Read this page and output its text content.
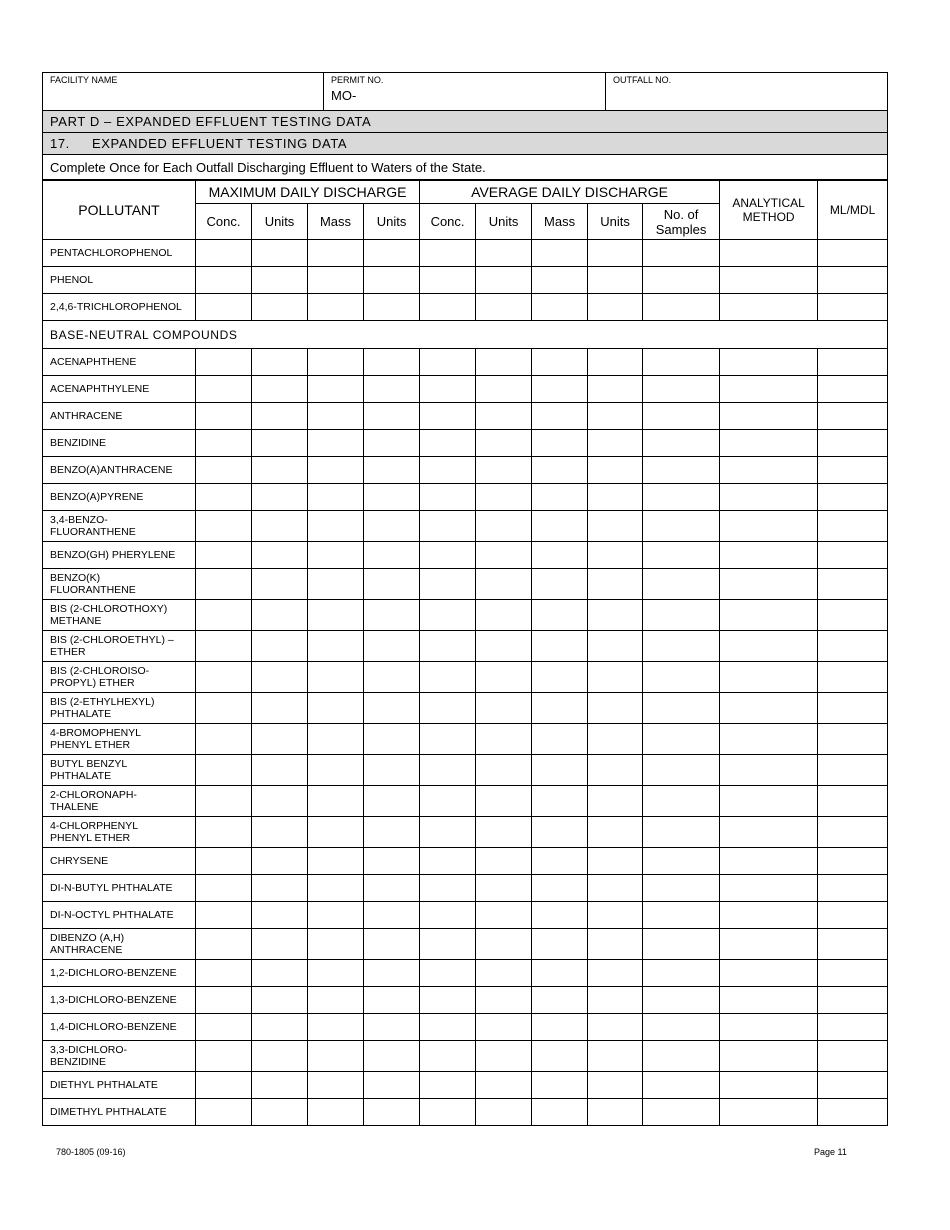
FACILITY NAME	PERMIT NO.
MO-

OUTFALL NO.

PART D – EXPANDED EFFLUENT TESTING DATA
17. EXPANDED EFFLUENT TESTING DATA
Complete Once for Each Outfall Discharging Effluent to Waters of the State.
POLLUTANT	MAXIMUM DAILY DISCHARGE				AVERAGE DAILY DISCHARGE					ANALYTICAL METHOD	ML/MDL
	Conc.	Units	Mass	Units	Conc.	Units	Mass	Units	No. of Samples		
PENTACHLOROPHENOL											
PHENOL											
2,4,6-TRICHLOROPHENOL											
BASE-NEUTRAL COMPOUNDS											
ACENAPHTHENE											
ACENAPHTHYLENE											
ANTHRACENE											
BENZIDINE											
BENZO(A)ANTHRACENE											
BENZO(A)PYRENE											
3,4-BENZO-
FLUORANTHENE											
BENZO(GH) PHERYLENE											
BENZO(K)
FLUORANTHENE											
BIS (2-CHLOROTHOXY)
METHANE											
BIS (2-CHLOROETHYL) –
ETHER											
BIS (2-CHLOROISO-
PROPYL) ETHER											
BIS (2-ETHYLHEXYL)
PHTHALATE											
4-BROMOPHENYL
PHENYL ETHER											
BUTYL BENZYL
PHTHALATE											
2-CHLORONAPH-
THALENE											
4-CHLORPHENYL
PHENYL ETHER											
CHRYSENE											
DI-N-BUTYL PHTHALATE											
DI-N-OCTYL PHTHALATE											
DIBENZO (A,H)
ANTHRACENE											
1,2-DICHLORO-BENZENE											
1,3-DICHLORO-BENZENE											
1,4-DICHLORO-BENZENE											
3,3-DICHLORO-
BENZIDINE											
DIETHYL PHTHALATE											
DIMETHYL PHTHALATE											
780-1805 (09-16)	Page 11
